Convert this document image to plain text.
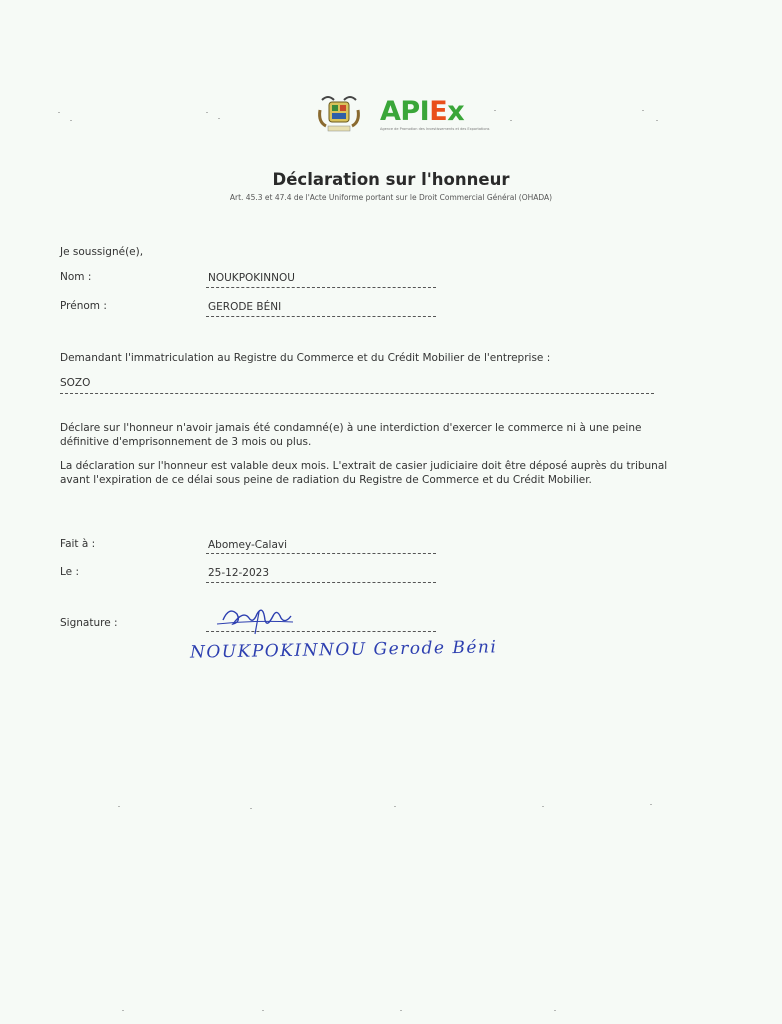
APIEx
Agence de Promotion des Investissements et des Exportations
Déclaration sur l'honneur
Art. 45.3 et 47.4 de l'Acte Uniforme portant sur le Droit Commercial Général (OHADA)
Je soussigné(e),
Nom :	NOUKPOKINNOU
Prénom :	GERODE BÉNI
Demandant l'immatriculation au Registre du Commerce et du Crédit Mobilier de l'entreprise :
SOZO
Déclare sur l'honneur n'avoir jamais été condamné(e) à une interdiction d'exercer le commerce ni à une peine
définitive d'emprisonnement de 3 mois ou plus.
La déclaration sur l'honneur est valable deux mois. L'extrait de casier judiciaire doit être déposé auprès du tribunal
avant l'expiration de ce délai sous peine de radiation du Registre de Commerce et du Crédit Mobilier.
Fait à :	Abomey-Calavi
Le :	25-12-2023
Signature :
NOUKPOKINNOU Gerode Béni
